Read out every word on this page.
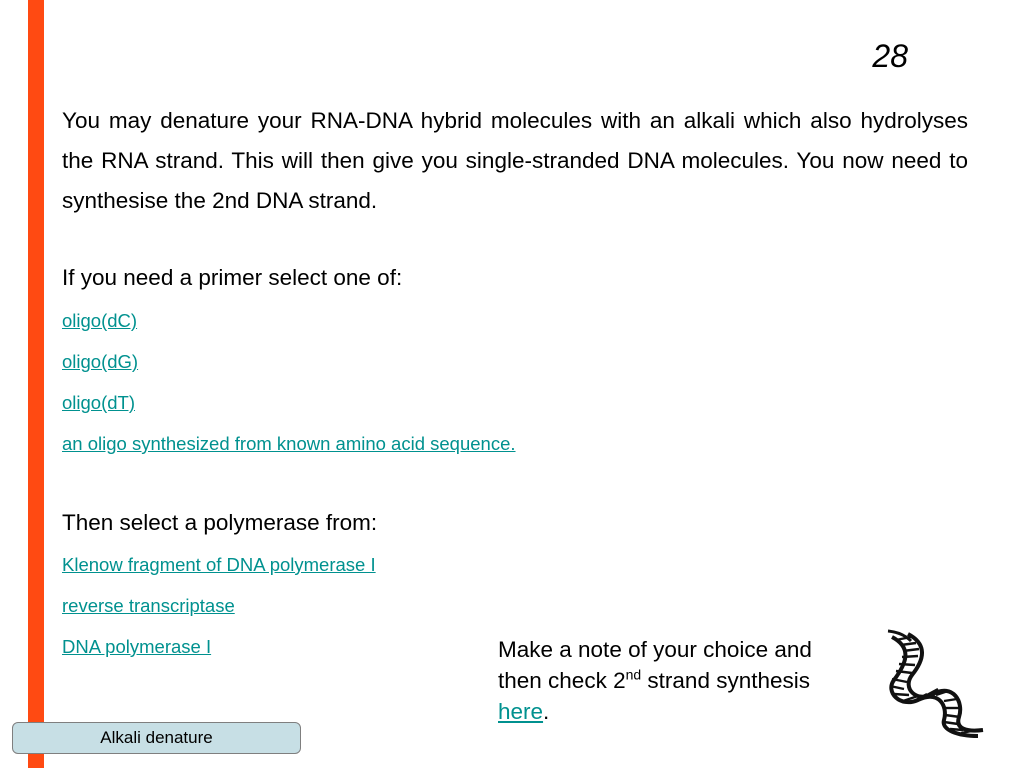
28

You may denature your RNA-DNA hybrid molecules with an alkali which also hydrolyses the RNA strand. This will then give you single-stranded DNA molecules. You now need to synthesise the 2nd DNA strand.

If you need a primer select one of:

oligo(dC)
oligo(dG)
oligo(dT)
an oligo synthesized from known amino acid sequence.

Then select a polymerase from:

Klenow fragment of DNA polymerase I
reverse transcriptase
DNA polymerase I	Make a note of your choice and then check 2nd strand synthesis here.

Alkali denature
